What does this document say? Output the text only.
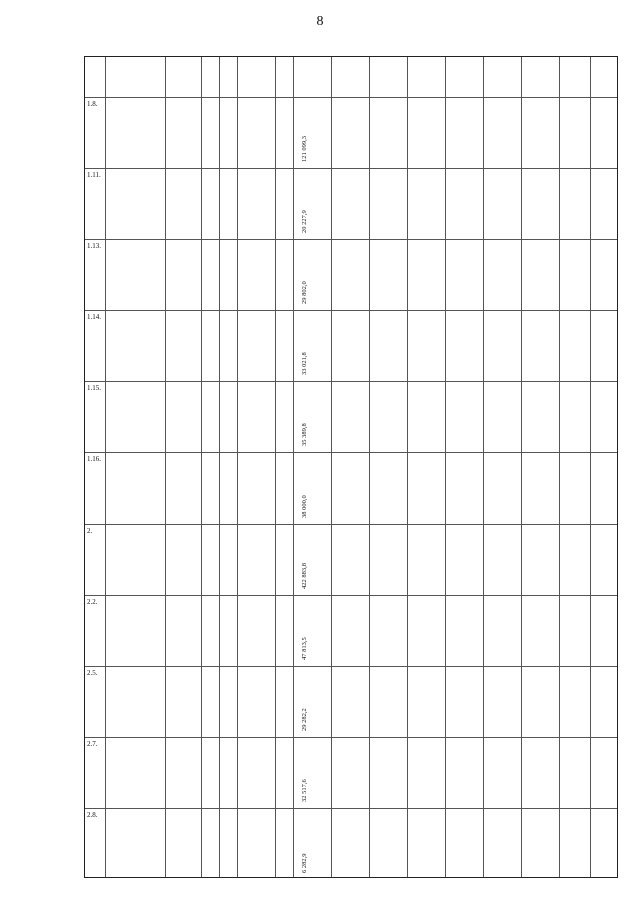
8
1.8.
121 099,3
1.11.
20 227,9
1.13.
29 802,0
1.14.
33 021,8
1.15.
35 389,8
1.16.
38 000,0
2.
422 883,8
2.2.
47 813,5
2.5.
29 282,2
2.7.
32 517,6
2.8.
6 282,9
